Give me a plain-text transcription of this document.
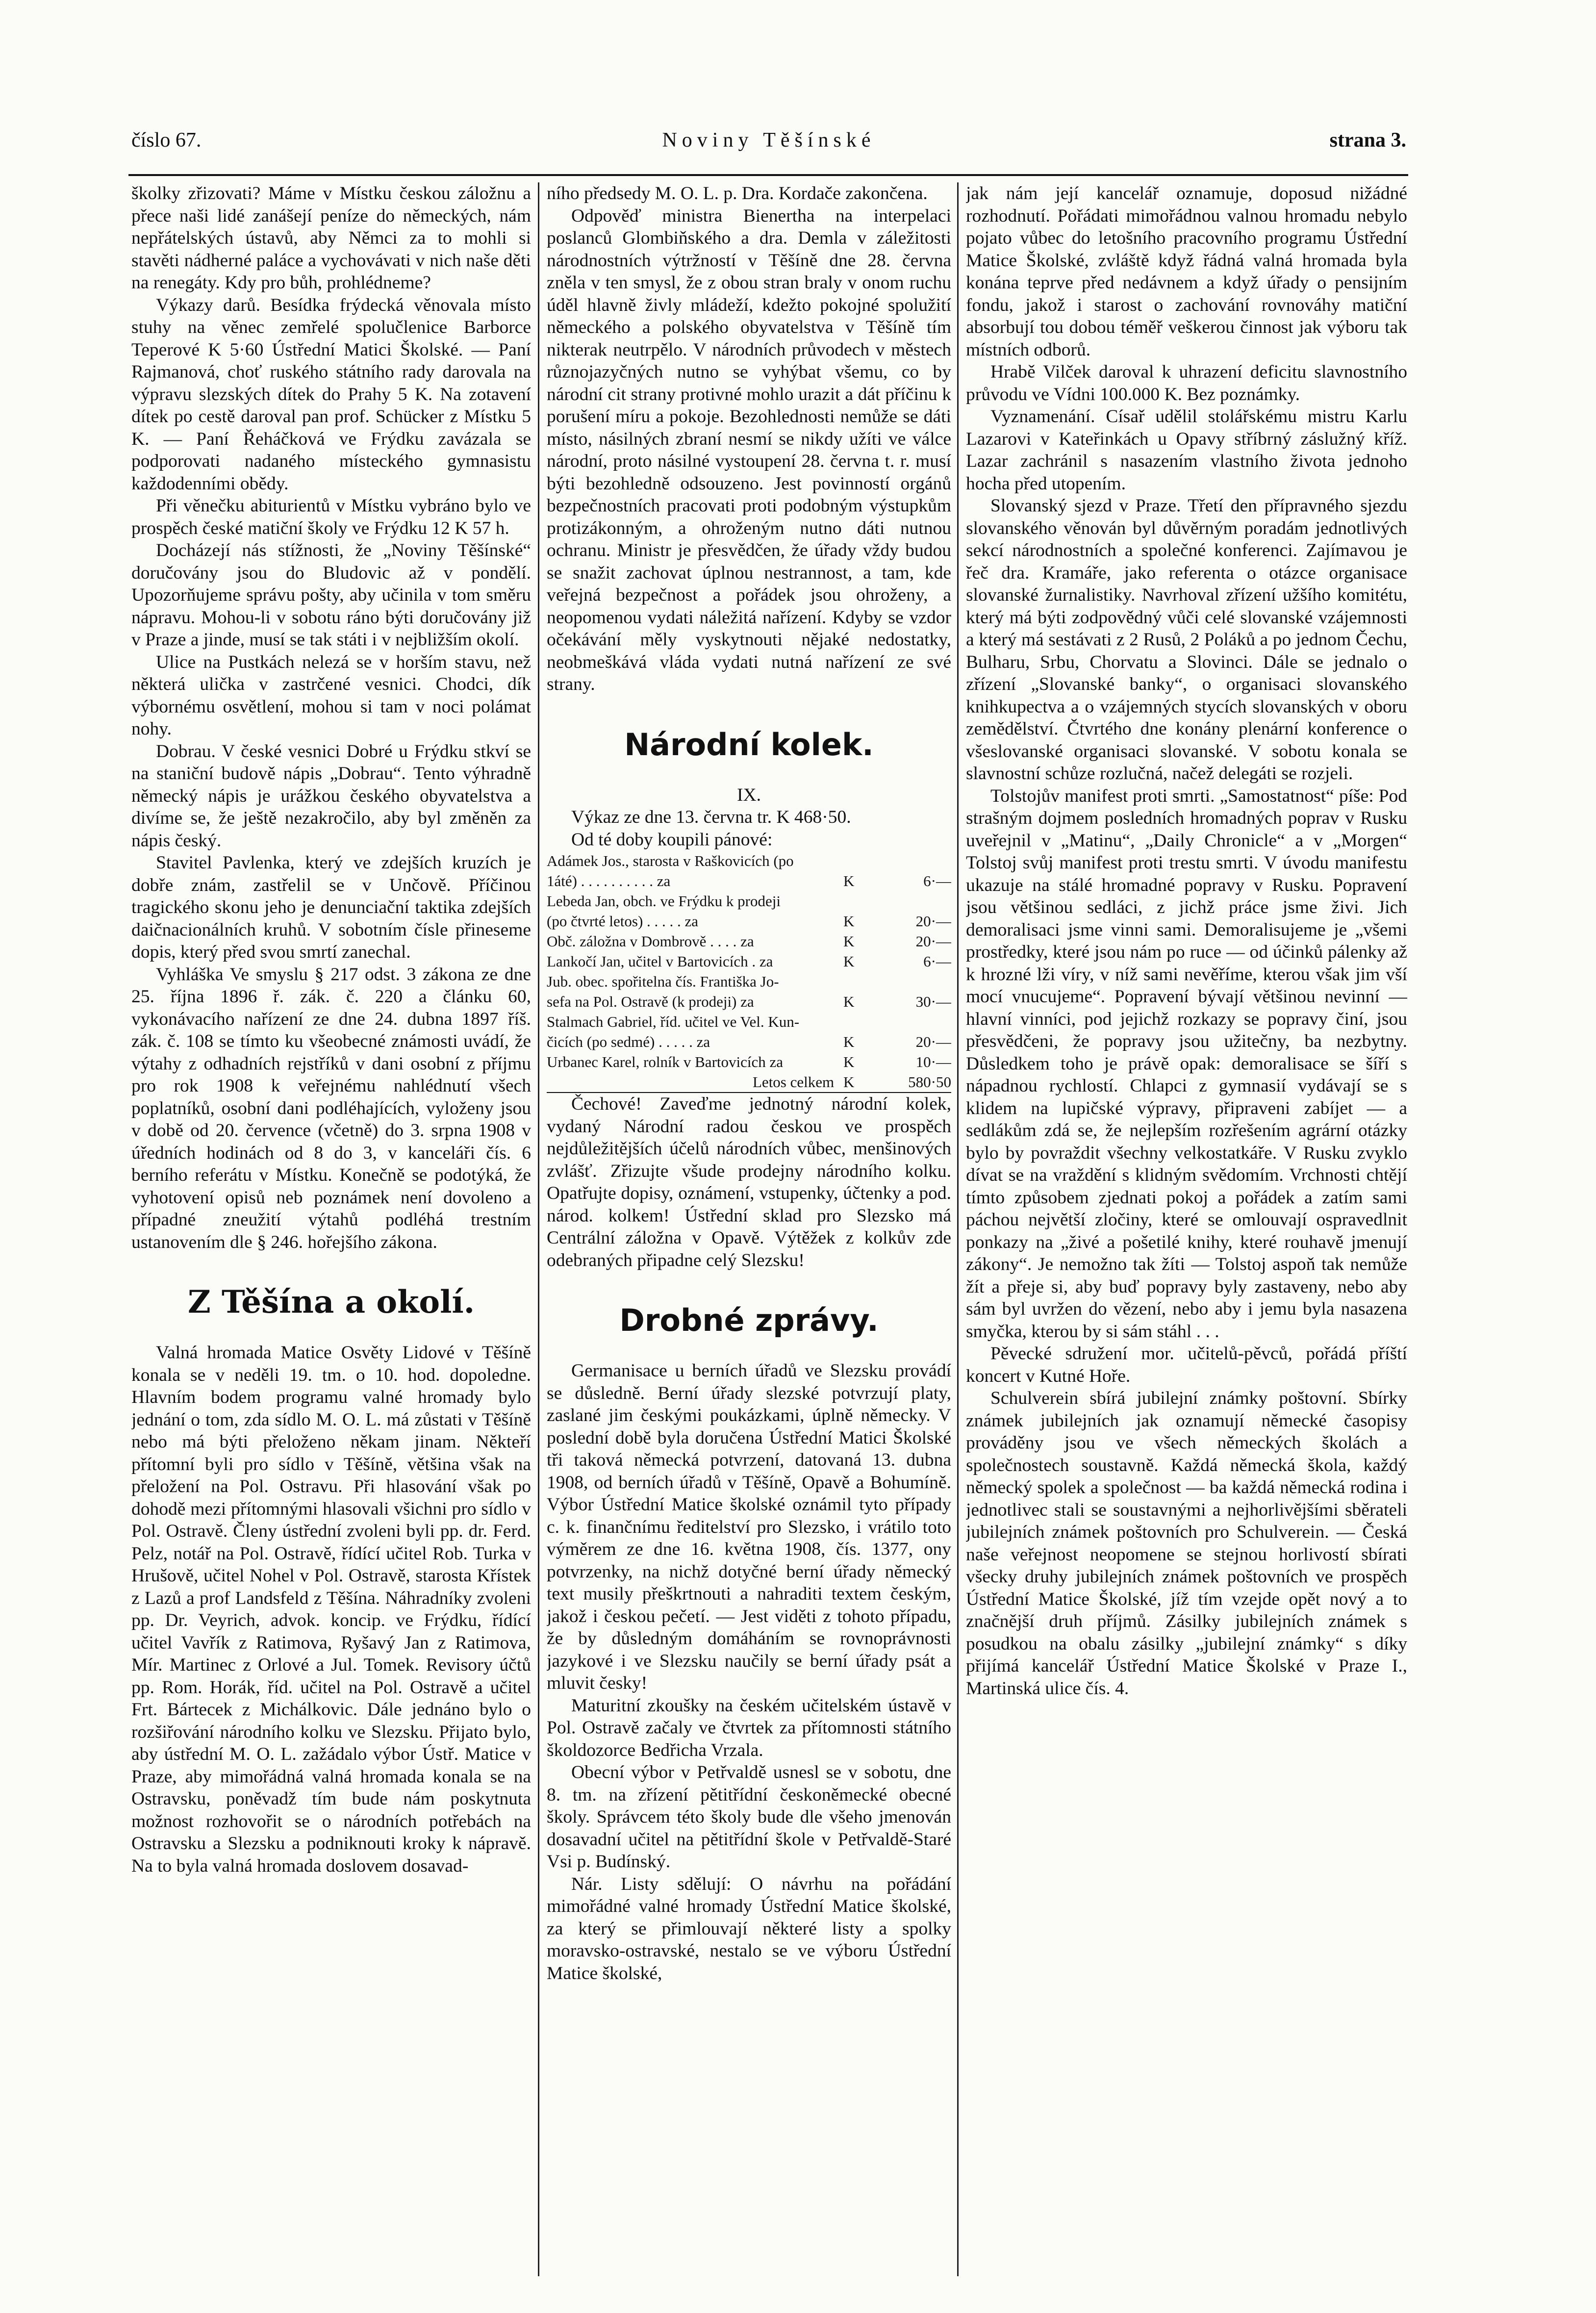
číslo 67.	Noviny Těšínské	strana 3.

školky zřizovati? Máme v Místku českou záložnu a přece naši lidé zanášejí peníze do německých, nám nepřátelských ústavů, aby Němci za to mohli si stavěti nádherné paláce a vychovávati v nich naše děti na renegáty. Kdy pro bůh, prohlédneme?

Výkazy darů. Besídka frýdecká věnovala místo stuhy na věnec zemřelé spolučlenice Barborce Teperové K 5·60 Ústřední Matici Školské. — Paní Rajmanová, choť ruského státního rady darovala na výpravu slezských dítek do Prahy 5 K. Na zotavení dítek po cestě daroval pan prof. Schücker z Místku 5 K. — Paní Řeháčková ve Frýdku zavázala se podporovati nadaného místeckého gymnasistu každodenními obědy.

Při věnečku abiturientů v Místku vybráno bylo ve prospěch české matiční školy ve Frýdku 12 K 57 h.

Docházejí nás stížnosti, že „Noviny Těšínské“ doručovány jsou do Bludovic až v pondělí. Upozorňujeme správu pošty, aby učinila v tom směru nápravu. Mohou-li v sobotu ráno býti doručovány již v Praze a jinde, musí se tak státi i v nejbližším okolí.

Ulice na Pustkách nelezá se v horším stavu, než některá ulička v zastrčené vesnici. Chodci, dík výbornému osvětlení, mohou si tam v noci polámat nohy.

Dobrau. V české vesnici Dobré u Frýdku stkví se na staniční budově nápis „Dobrau“. Tento výhradně německý nápis je urážkou českého obyvatelstva a divíme se, že ještě nezakročilo, aby byl změněn za nápis český.

Stavitel Pavlenka, který ve zdejších kruzích je dobře znám, zastřelil se v Unčově. Příčinou tragického skonu jeho je denunciační taktika zdejších daičnacionálních kruhů. V sobotním čísle přineseme dopis, který před svou smrtí zanechal.

Vyhláška Ve smyslu § 217 odst. 3 zákona ze dne 25. října 1896 ř. zák. č. 220 a článku 60, vykonávacího nařízení ze dne 24. dubna 1897 říš. zák. č. 108 se tímto ku všeobecné známosti uvádí, že výtahy z odhadních rejstříků v dani osobní z příjmu pro rok 1908 k veřejnému nahlédnutí všech poplatníků, osobní dani podléhajících, vyloženy jsou v době od 20. července (včetně) do 3. srpna 1908 v úředních hodinách od 8 do 3, v kanceláři čís. 6 berního referátu v Místku. Konečně se podotýká, že vyhotovení opisů neb poznámek není dovoleno a případné zneužití výtahů podléhá trestním ustanovením dle § 246. hořejšího zákona.

Z Těšína a okolí.

Valná hromada Matice Osvěty Lidové v Těšíně konala se v neděli 19. tm. o 10. hod. dopoledne. Hlavním bodem programu valné hromady bylo jednání o tom, zda sídlo M. O. L. má zůstati v Těšíně nebo má býti přeloženo někam jinam. Někteří přítomní byli pro sídlo v Těšíně, většina však na přeložení na Pol. Ostravu. Při hlasování však po dohodě mezi přítomnými hlasovali všichni pro sídlo v Pol. Ostravě. Členy ústřední zvoleni byli pp. dr. Ferd. Pelz, notář na Pol. Ostravě, řídící učitel Rob. Turka v Hrušově, učitel Nohel v Pol. Ostravě, starosta Křístek z Lazů a prof Landsfeld z Těšína. Náhradníky zvoleni pp. Dr. Veyrich, advok. koncip. ve Frýdku, řídící učitel Vavřík z Ratimova, Ryšavý Jan z Ratimova, Mír. Martinec z Orlové a Jul. Tomek. Revisory účtů pp. Rom. Horák, říd. učitel na Pol. Ostravě a učitel Frt. Bártecek z Michálkovic. Dále jednáno bylo o rozšiřování národního kolku ve Slezsku. Přijato bylo, aby ústřední M. O. L. zažádalo výbor Ústř. Matice v Praze, aby mimořádná valná hromada konala se na Ostravsku, poněvadž tím bude nám poskytnuta možnost rozhovořit se o národních potřebách na Ostravsku a Slezsku a podniknouti kroky k nápravě. Na to byla valná hromada doslovem dosavad-

ního předsedy M. O. L. p. Dra. Kordače zakončena.

Odpověď ministra Bienertha na interpelaci poslanců Glombiňského a dra. Demla v záležitosti národnostních výtržností v Těšíně dne 28. června zněla v ten smysl, že z obou stran braly v onom ruchu úděl hlavně živly mládeží, kdežto pokojné spolužití německého a polského obyvatelstva v Těšíně tím nikterak neutrpělo. V národních průvodech v městech různojazyčných nutno se vyhýbat všemu, co by národní cit strany protivné mohlo urazit a dát příčinu k porušení míru a pokoje. Bezohlednosti nemůže se dáti místo, násilných zbraní nesmí se nikdy užíti ve válce národní, proto násilné vystoupení 28. června t. r. musí býti bezohledně odsouzeno. Jest povinností orgánů bezpečnostních pracovati proti podobným výstupkům protizákonným, a ohroženým nutno dáti nutnou ochranu. Ministr je přesvědčen, že úřady vždy budou se snažit zachovat úplnou nestrannost, a tam, kde veřejná bezpečnost a pořádek jsou ohroženy, a neopomenou vydati náležitá nařízení. Kdyby se vzdor očekávání měly vyskytnouti nějaké nedostatky, neobmeškává vláda vydati nutná nařízení ze své strany.

Národní kolek.

IX.

Výkaz ze dne 13. června tr. K 468·50.

Od té doby koupili pánové:

Adámek Jos., starosta v Raškovicích (po
1áté) . . . . . . . . . . za	K	6·—
Lebeda Jan, obch. ve Frýdku k prodeji
(po čtvrté letos) . . . . . za	K	20·—
Obč. záložna v Dombrově . . . . za	K	20·—
Lankočí Jan, učitel v Bartovicích . za	K	6·—
Jub. obec. spořitelna čís. Františka Jo-
sefa na Pol. Ostravě (k prodeji) za	K	30·—
Stalmach Gabriel, říd. učitel ve Vel. Kun-
čicích (po sedmé) . . . . . za	K	20·—
Urbanec Karel, rolník v Bartovicích za	K	10·—
Letos celkem K	580·50

Čechové! Zaveďme jednotný národní kolek, vydaný Národní radou českou ve prospěch nejdůležitějších účelů národních vůbec, menšinových zvlášť. Zřizujte všude prodejny národního kolku. Opatřujte dopisy, oznámení, vstupenky, účtenky a pod. národ. kolkem! Ústřední sklad pro Slezsko má Centrální záložna v Opavě. Výtěžek z kolkův zde odebraných připadne celý Slezsku!

Drobné zprávy.

Germanisace u berních úřadů ve Slezsku provádí se důsledně. Berní úřady slezské potvrzují platy, zaslané jim českými poukázkami, úplně německy. V poslední době byla doručena Ústřední Matici Školské tři taková německá potvrzení, datovaná 13. dubna 1908, od berních úřadů v Těšíně, Opavě a Bohumíně. Výbor Ústřední Matice školské oznámil tyto případy c. k. finančnímu ředitelství pro Slezsko, i vrátilo toto výměrem ze dne 16. května 1908, čís. 1377, ony potvrzenky, na nichž dotyčné berní úřady německý text musily přeškrtnouti a nahraditi textem českým, jakož i českou pečetí. — Jest viděti z tohoto případu, že by důsledným domáháním se rovnoprávnosti jazykové i ve Slezsku naučily se berní úřady psát a mluvit česky!

Maturitní zkoušky na českém učitelském ústavě v Pol. Ostravě začaly ve čtvrtek za přítomnosti státního školdozorce Bedřicha Vrzala.

Obecní výbor v Petřvaldě usnesl se v sobotu, dne 8. tm. na zřízení pětitřídní českoněmecké obecné školy. Správcem této školy bude dle všeho jmenován dosavadní učitel na pětitřídní škole v Petřvaldě-Staré Vsi p. Budínský.

Nár. Listy sdělují: O návrhu na pořádání mimořádné valné hromady Ústřední Matice školské, za který se přimlouvají některé listy a spolky moravsko-ostravské, nestalo se ve výboru Ústřední Matice školské,

jak nám její kancelář oznamuje, doposud nižádné rozhodnutí. Pořádati mimořádnou valnou hromadu nebylo pojato vůbec do letošního pracovního programu Ústřední Matice Školské, zvláště když řádná valná hromada byla konána teprve před nedávnem a když úřady o pensijním fondu, jakož i starost o zachování rovnováhy matiční absorbují tou dobou téměř veškerou činnost jak výboru tak místních odborů.

Hrabě Vilček daroval k uhrazení deficitu slavnostního průvodu ve Vídni 100.000 K. Bez poznámky.

Vyznamenání. Císař udělil stolářskému mistru Karlu Lazarovi v Kateřinkách u Opavy stříbrný záslužný kříž. Lazar zachránil s nasazením vlastního života jednoho hocha před utopením.

Slovanský sjezd v Praze. Třetí den přípravného sjezdu slovanského věnován byl důvěrným poradám jednotlivých sekcí národnostních a společné konferenci. Zajímavou je řeč dra. Kramáře, jako referenta o otázce organisace slovanské žurnalistiky. Navrhoval zřízení užšího komitétu, který má býti zodpovědný vůči celé slovanské vzájemnosti a který má sestávati z 2 Rusů, 2 Poláků a po jednom Čechu, Bulharu, Srbu, Chorvatu a Slovinci. Dále se jednalo o zřízení „Slovanské banky“, o organisaci slovanského knihkupectva a o vzájemných stycích slovanských v oboru zemědělství. Čtvrtého dne konány plenární konference o všeslovanské organisaci slovanské. V sobotu konala se slavnostní schůze rozlučná, načež delegáti se rozjeli.

Tolstojův manifest proti smrti. „Samostatnost“ píše: Pod strašným dojmem posledních hromadných poprav v Rusku uveřejnil v „Matinu“, „Daily Chronicle“ a v „Morgen“ Tolstoj svůj manifest proti trestu smrti. V úvodu manifestu ukazuje na stálé hromadné popravy v Rusku. Popravení jsou většinou sedláci, z jichž práce jsme živi. Jich demoralisaci jsme vinni sami. Demoralisujeme je „všemi prostředky, které jsou nám po ruce — od účinků pálenky až k hrozné lži víry, v níž sami nevěříme, kterou však jim vší mocí vnucujeme“. Popravení bývají většinou nevinní — hlavní vinníci, pod jejichž rozkazy se popravy činí, jsou přesvědčeni, že popravy jsou užitečny, ba nezbytny. Důsledkem toho je právě opak: demoralisace se šíří s nápadnou rychlostí. Chlapci z gymnasií vydávají se s klidem na lupičské výpravy, připraveni zabíjet — a sedlákům zdá se, že nejlepším rozřešením agrární otázky bylo by povraždit všechny velkostatkáře. V Rusku zvyklo dívat se na vraždění s klidným svědomím. Vrchnosti chtějí tímto způsobem zjednati pokoj a pořádek a zatím sami páchou největší zločiny, které se omlouvají ospravedlnit ponkazy na „živé a pošetilé knihy, které rouhavě jmenují zákony“. Je nemožno tak žíti — Tolstoj aspoň tak nemůže žít a přeje si, aby buď popravy byly zastaveny, nebo aby sám byl uvržen do vězení, nebo aby i jemu byla nasazena smyčka, kterou by si sám stáhl . . .

Pěvecké sdružení mor. učitelů-pěvců, pořádá příští koncert v Kutné Hoře.

Schulverein sbírá jubilejní známky poštovní. Sbírky známek jubilejních jak oznamují německé časopisy prováděny jsou ve všech německých školách a společnostech soustavně. Každá německá škola, každý německý spolek a společnost — ba každá německá rodina i jednotlivec stali se soustavnými a nejhorlivějšími sběrateli jubilejních známek poštovních pro Schulverein. — Česká naše veřejnost neopomene se stejnou horlivostí sbírati všecky druhy jubilejních známek poštovních ve prospěch Ústřední Matice Školské, jíž tím vzejde opět nový a to značnější druh příjmů. Zásilky jubilejních známek s posudkou na obalu zásilky „jubilejní známky“ s díky přijímá kancelář Ústřední Matice Školské v Praze I., Martinská ulice čís. 4.
